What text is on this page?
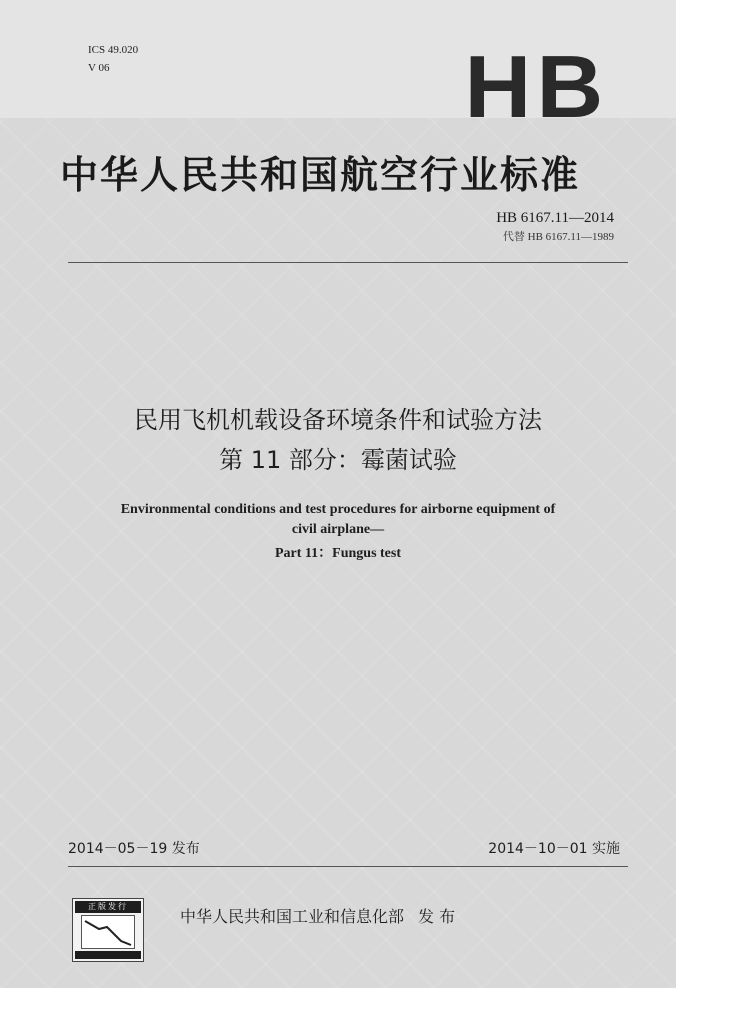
ICS 49.020
V 06	H B
中华人民共和国航空行业标准
HB 6167.11—2014
代替 HB 6167.11—1989
民用飞机机载设备环境条件和试验方法
第 11 部分：霉菌试验
Environmental conditions and test procedures for airborne equipment of
civil airplane—
Part 11：Fungus test
2014－05－19 发布	2014－10－01 实施
正版发行
中华人民共和国工业和信息化部 发 布
